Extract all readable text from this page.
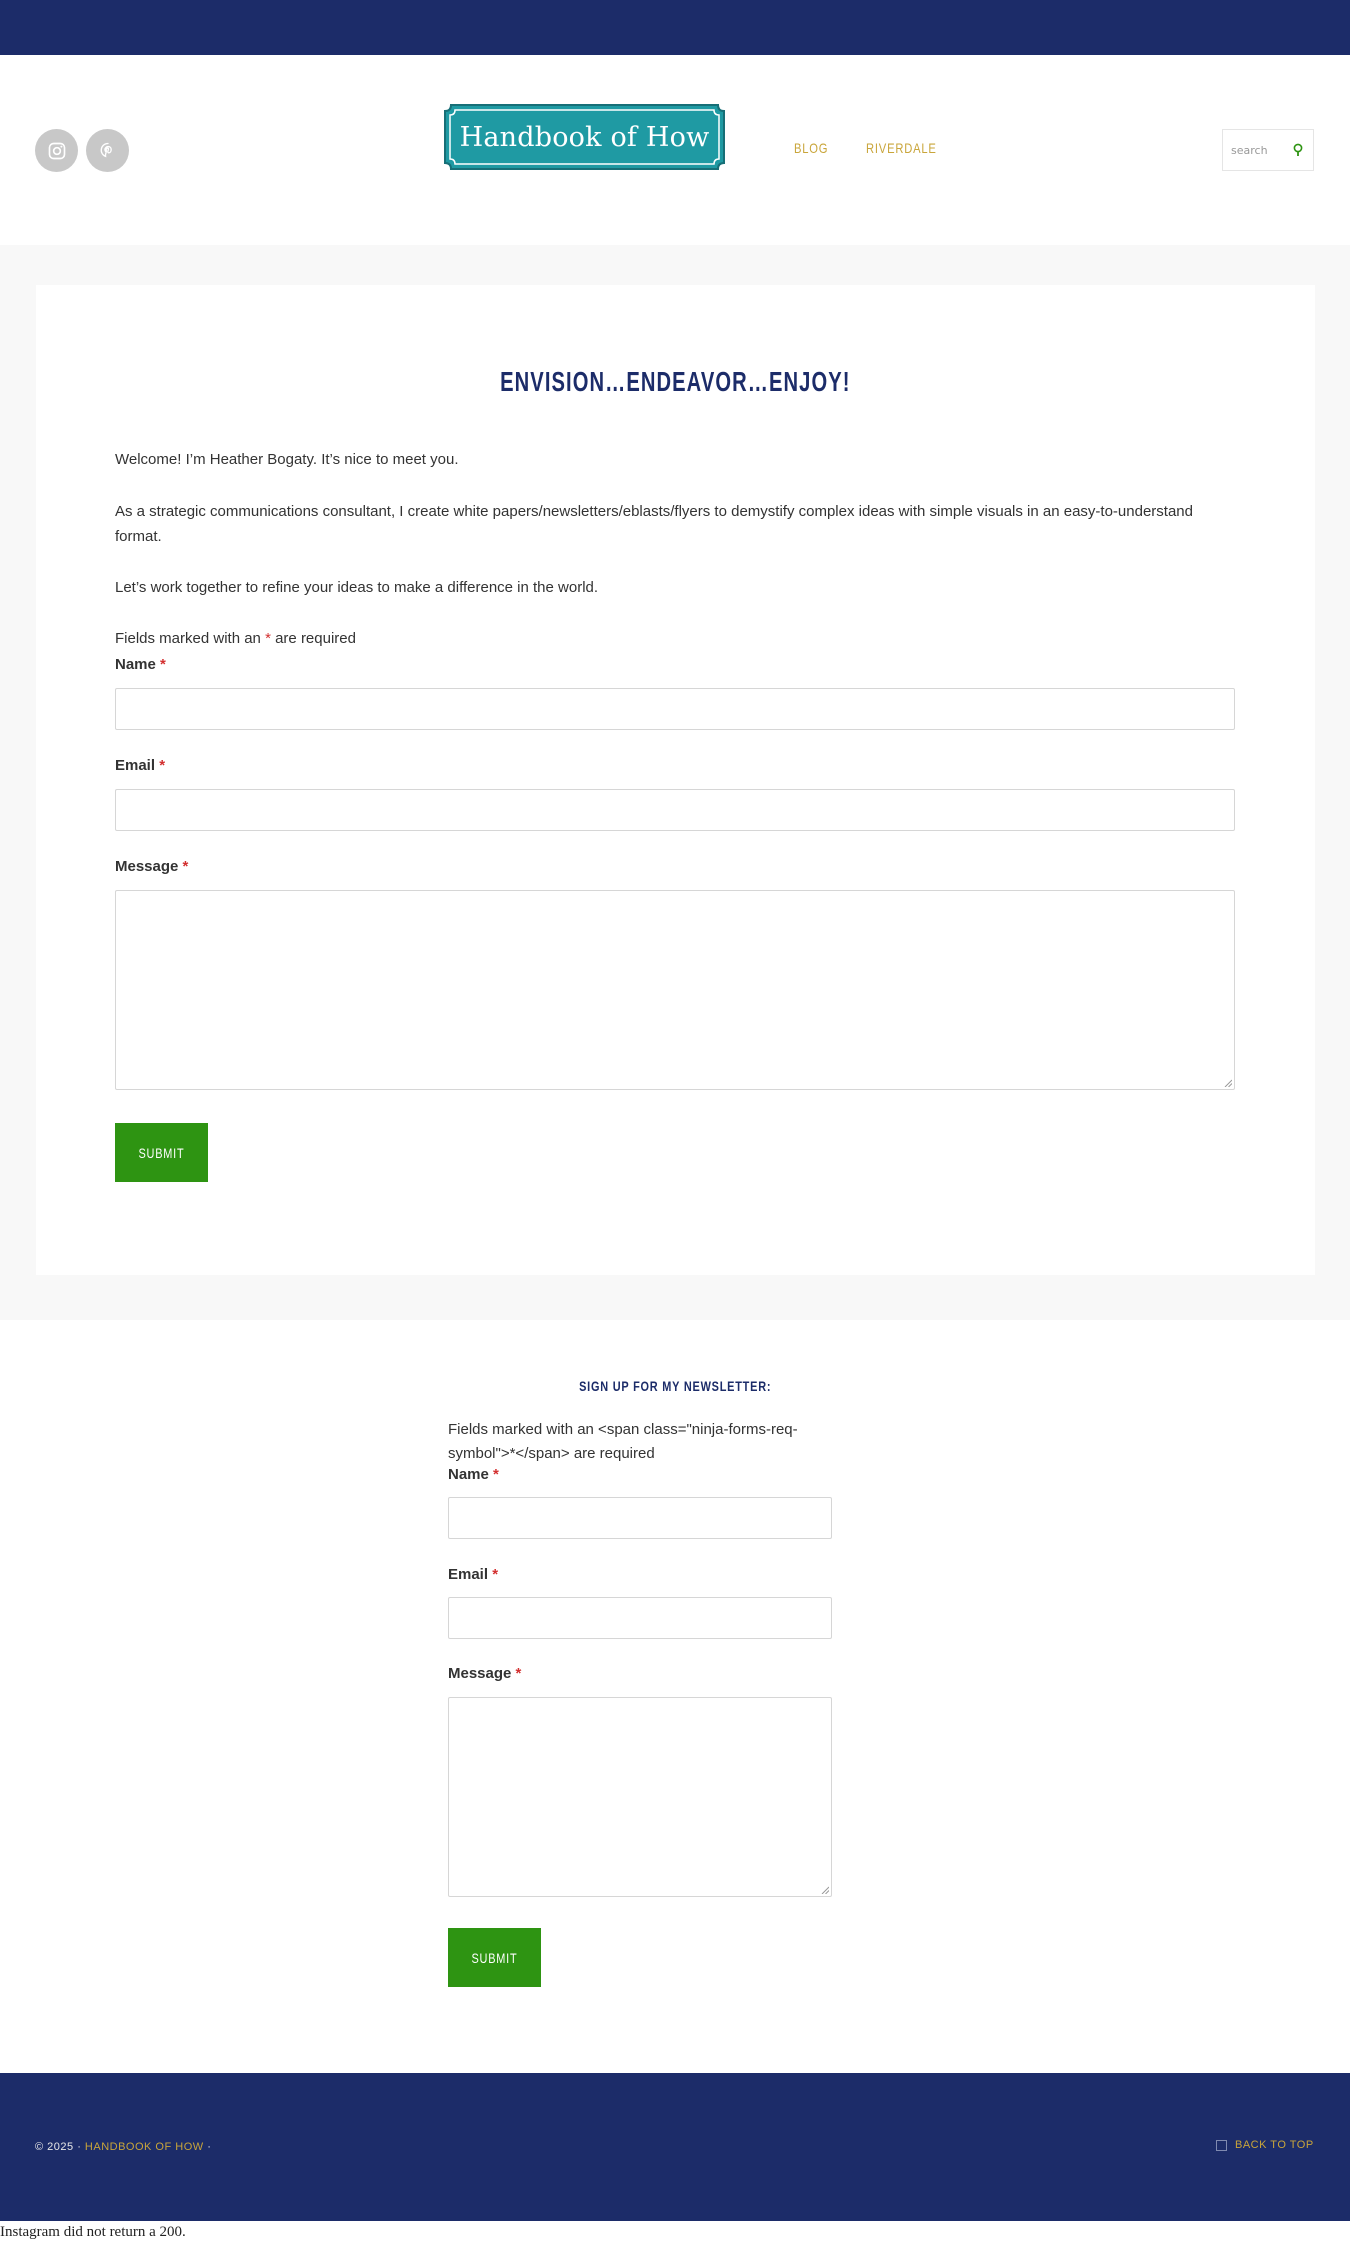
Handbook of How	BLOG	RIVERDALE
search
ENVISION…ENDEAVOR…ENJOY!

Welcome! I’m Heather Bogaty. It’s nice to meet you.

As a strategic communications consultant, I create white papers/newsletters/eblasts/flyers to demystify complex ideas with simple visuals in an easy-to-understand format.

Let’s work together to refine your ideas to make a difference in the world.

Fields marked with an * are required
Name *
Email *
Message *
SUBMIT
SIGN UP FOR MY NEWSLETTER:

Fields marked with an <span class="ninja-forms-req-symbol">*</span> are required

Name *
Email *
Message *
SUBMIT
© 2025 · HANDBOOK OF HOW ·	BACK TO TOP
Instagram did not return a 200.
